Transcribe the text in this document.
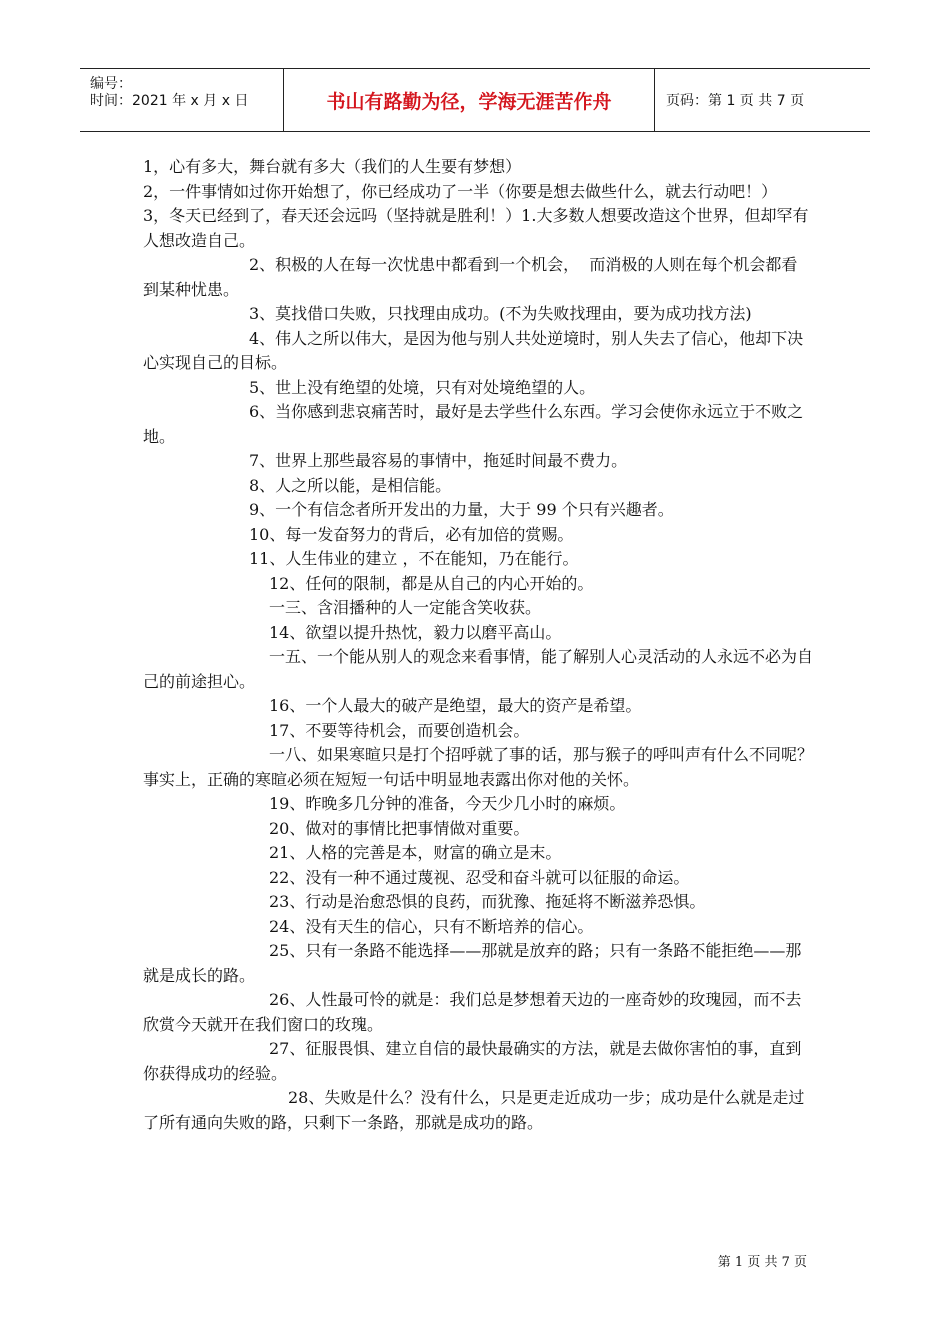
编号：
时间：2021 年 x 月 x 日	书山有路勤为径，学海无涯苦作舟	页码：第 1 页 共 7 页

1，心有多大，舞台就有多大（我们的人生要有梦想）

2，一件事情如过你开始想了，你已经成功了一半（你要是想去做些什么，就去行动吧！）

3，冬天已经到了，春天还会远吗（坚持就是胜利！）1.大多数人想要改造这个世界，但却罕有人想改造自己。

2、积极的人在每一次忧患中都看到一个机会，  而消极的人则在每个机会都看到某种忧患。

3、莫找借口失败，只找理由成功。(不为失败找理由，要为成功找方法)

4、伟人之所以伟大，是因为他与别人共处逆境时，别人失去了信心，他却下决心实现自己的目标。

5、世上没有绝望的处境，只有对处境绝望的人。

6、当你感到悲哀痛苦时，最好是去学些什么东西。学习会使你永远立于不败之地。

7、世界上那些最容易的事情中，拖延时间最不费力。

8、人之所以能，是相信能。

9、一个有信念者所开发出的力量，大于 99 个只有兴趣者。

10、每一发奋努力的背后，必有加倍的赏赐。

11、人生伟业的建立 ，不在能知，乃在能行。

12、任何的限制，都是从自己的内心开始的。

一三、含泪播种的人一定能含笑收获。

14、欲望以提升热忱，毅力以磨平高山。

一五、一个能从别人的观念来看事情，能了解别人心灵活动的人永远不必为自己的前途担心。

16、一个人最大的破产是绝望，最大的资产是希望。

17、不要等待机会，而要创造机会。

一八、如果寒暄只是打个招呼就了事的话，那与猴子的呼叫声有什么不同呢？

事实上，正确的寒暄必须在短短一句话中明显地表露出你对他的关怀。

19、昨晚多几分钟的准备，今天少几小时的麻烦。

20、做对的事情比把事情做对重要。

21、人格的完善是本，财富的确立是末。

22、没有一种不通过蔑视、忍受和奋斗就可以征服的命运。

23、行动是治愈恐惧的良药，而犹豫、拖延将不断滋养恐惧。

24、没有天生的信心，只有不断培养的信心。

25、只有一条路不能选择——那就是放弃的路；只有一条路不能拒绝——那就是成长的路。

26、人性最可怜的就是：我们总是梦想着天边的一座奇妙的玫瑰园，而不去欣赏今天就开在我们窗口的玫瑰。

27、征服畏惧、建立自信的最快最确实的方法，就是去做你害怕的事，直到你获得成功的经验。

28、失败是什么？没有什么，只是更走近成功一步；成功是什么就是走过了所有通向失败的路，只剩下一条路，那就是成功的路。

第 1 页 共 7 页
